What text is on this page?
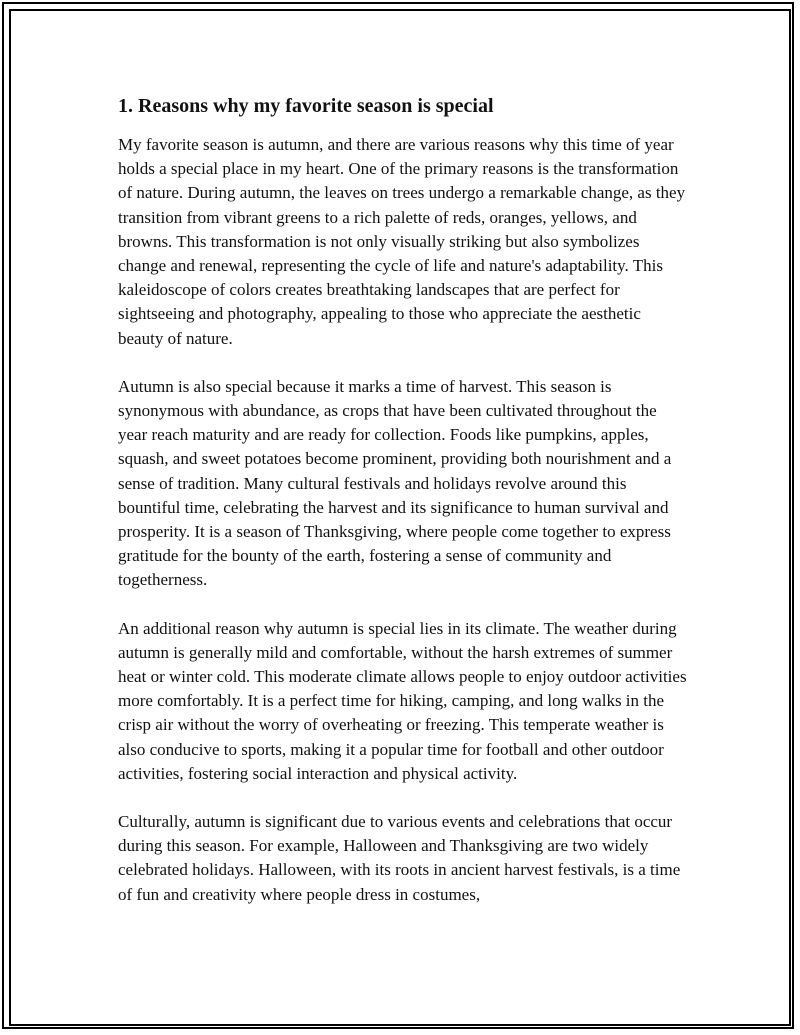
1. Reasons why my favorite season is special

My favorite season is autumn, and there are various reasons why this time of year holds a special place in my heart. One of the primary reasons is the transformation of nature. During autumn, the leaves on trees undergo a remarkable change, as they transition from vibrant greens to a rich palette of reds, oranges, yellows, and browns. This transformation is not only visually striking but also symbolizes change and renewal, representing the cycle of life and nature's adaptability. This kaleidoscope of colors creates breathtaking landscapes that are perfect for sightseeing and photography, appealing to those who appreciate the aesthetic beauty of nature.

Autumn is also special because it marks a time of harvest. This season is synonymous with abundance, as crops that have been cultivated throughout the year reach maturity and are ready for collection. Foods like pumpkins, apples, squash, and sweet potatoes become prominent, providing both nourishment and a sense of tradition. Many cultural festivals and holidays revolve around this bountiful time, celebrating the harvest and its significance to human survival and prosperity. It is a season of Thanksgiving, where people come together to express gratitude for the bounty of the earth, fostering a sense of community and togetherness.

An additional reason why autumn is special lies in its climate. The weather during autumn is generally mild and comfortable, without the harsh extremes of summer heat or winter cold. This moderate climate allows people to enjoy outdoor activities more comfortably. It is a perfect time for hiking, camping, and long walks in the crisp air without the worry of overheating or freezing. This temperate weather is also conducive to sports, making it a popular time for football and other outdoor activities, fostering social interaction and physical activity.

Culturally, autumn is significant due to various events and celebrations that occur during this season. For example, Halloween and Thanksgiving are two widely celebrated holidays. Halloween, with its roots in ancient harvest festivals, is a time of fun and creativity where people dress in costumes,
